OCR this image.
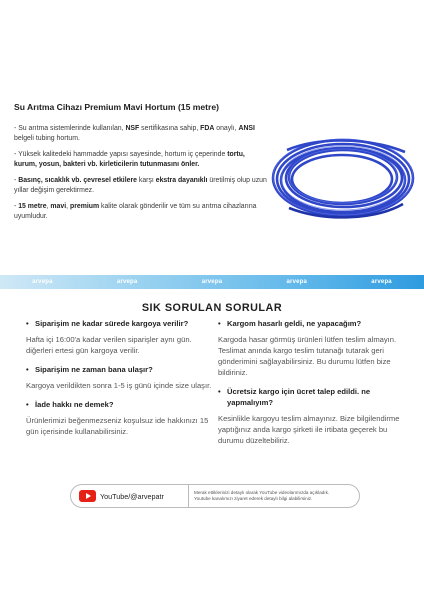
Su Arıtma Cihazı Premium Mavi Hortum (15 metre)

- Su arıtma sistemlerinde kullanılan, NSF sertifikasına sahip, FDA onaylı, ANSI belgeli tubing hortum.

- Yüksek kalitedeki hammadde yapısı sayesinde, hortum iç çeperinde tortu, kurum, yosun, bakteri vb. kirleticilerin tutunmasını önler.

- Basınç, sıcaklık vb. çevresel etkilere karşı ekstra dayanıklı üretilmiş olup uzun yıllar değişim gerektirmez.

- 15 metre, mavi, premium kalite olarak gönderilir ve tüm su arıtma cihazlarına uyumludur.

arvepa	arvepa	arvepa	arvepa	arvepa
SIK SORULAN SORULAR
• Siparişim ne kadar sürede kargoya verilir?
Hafta içi 16:00'a kadar verilen siparişler aynı gün. diğerleri ertesi gün kargoya verilir.
• Siparişim ne zaman bana ulaşır?
Kargoya verildikten sonra 1-5 iş günü içinde size ulaşır.
• İade hakkı ne demek?
Ürünlerimizi beğenmezseniz koşulsuz ide hakkınızı 15 gün içerisinde kullanabilirsiniz.
• Kargom hasarlı geldi, ne yapacağım?
Kargoda hasar görmüş ürünleri lütfen teslim almayın. Teslimat anında kargo teslim tutanağı tutarak geri gönderimini sağlayabilirsiniz. Bu durumu lütfen bize bildiriniz.
• Ücretsiz kargo için ücret talep edildi. ne yapmalıyım?
Kesinlikle kargoyu teslim almayınız. Bize bilgilendirme yaptığınız anda kargo şirketi ile irtibata geçerek bu durumu düzeltebiliriz.
YouTube/@arvepatr	Merak ettiklerinizi detaylı olarak YouTube videolarımızda açıkladık.
Youtube kanalımızı ziyaret ederek detaylı bilgi alabilirsiniz.
